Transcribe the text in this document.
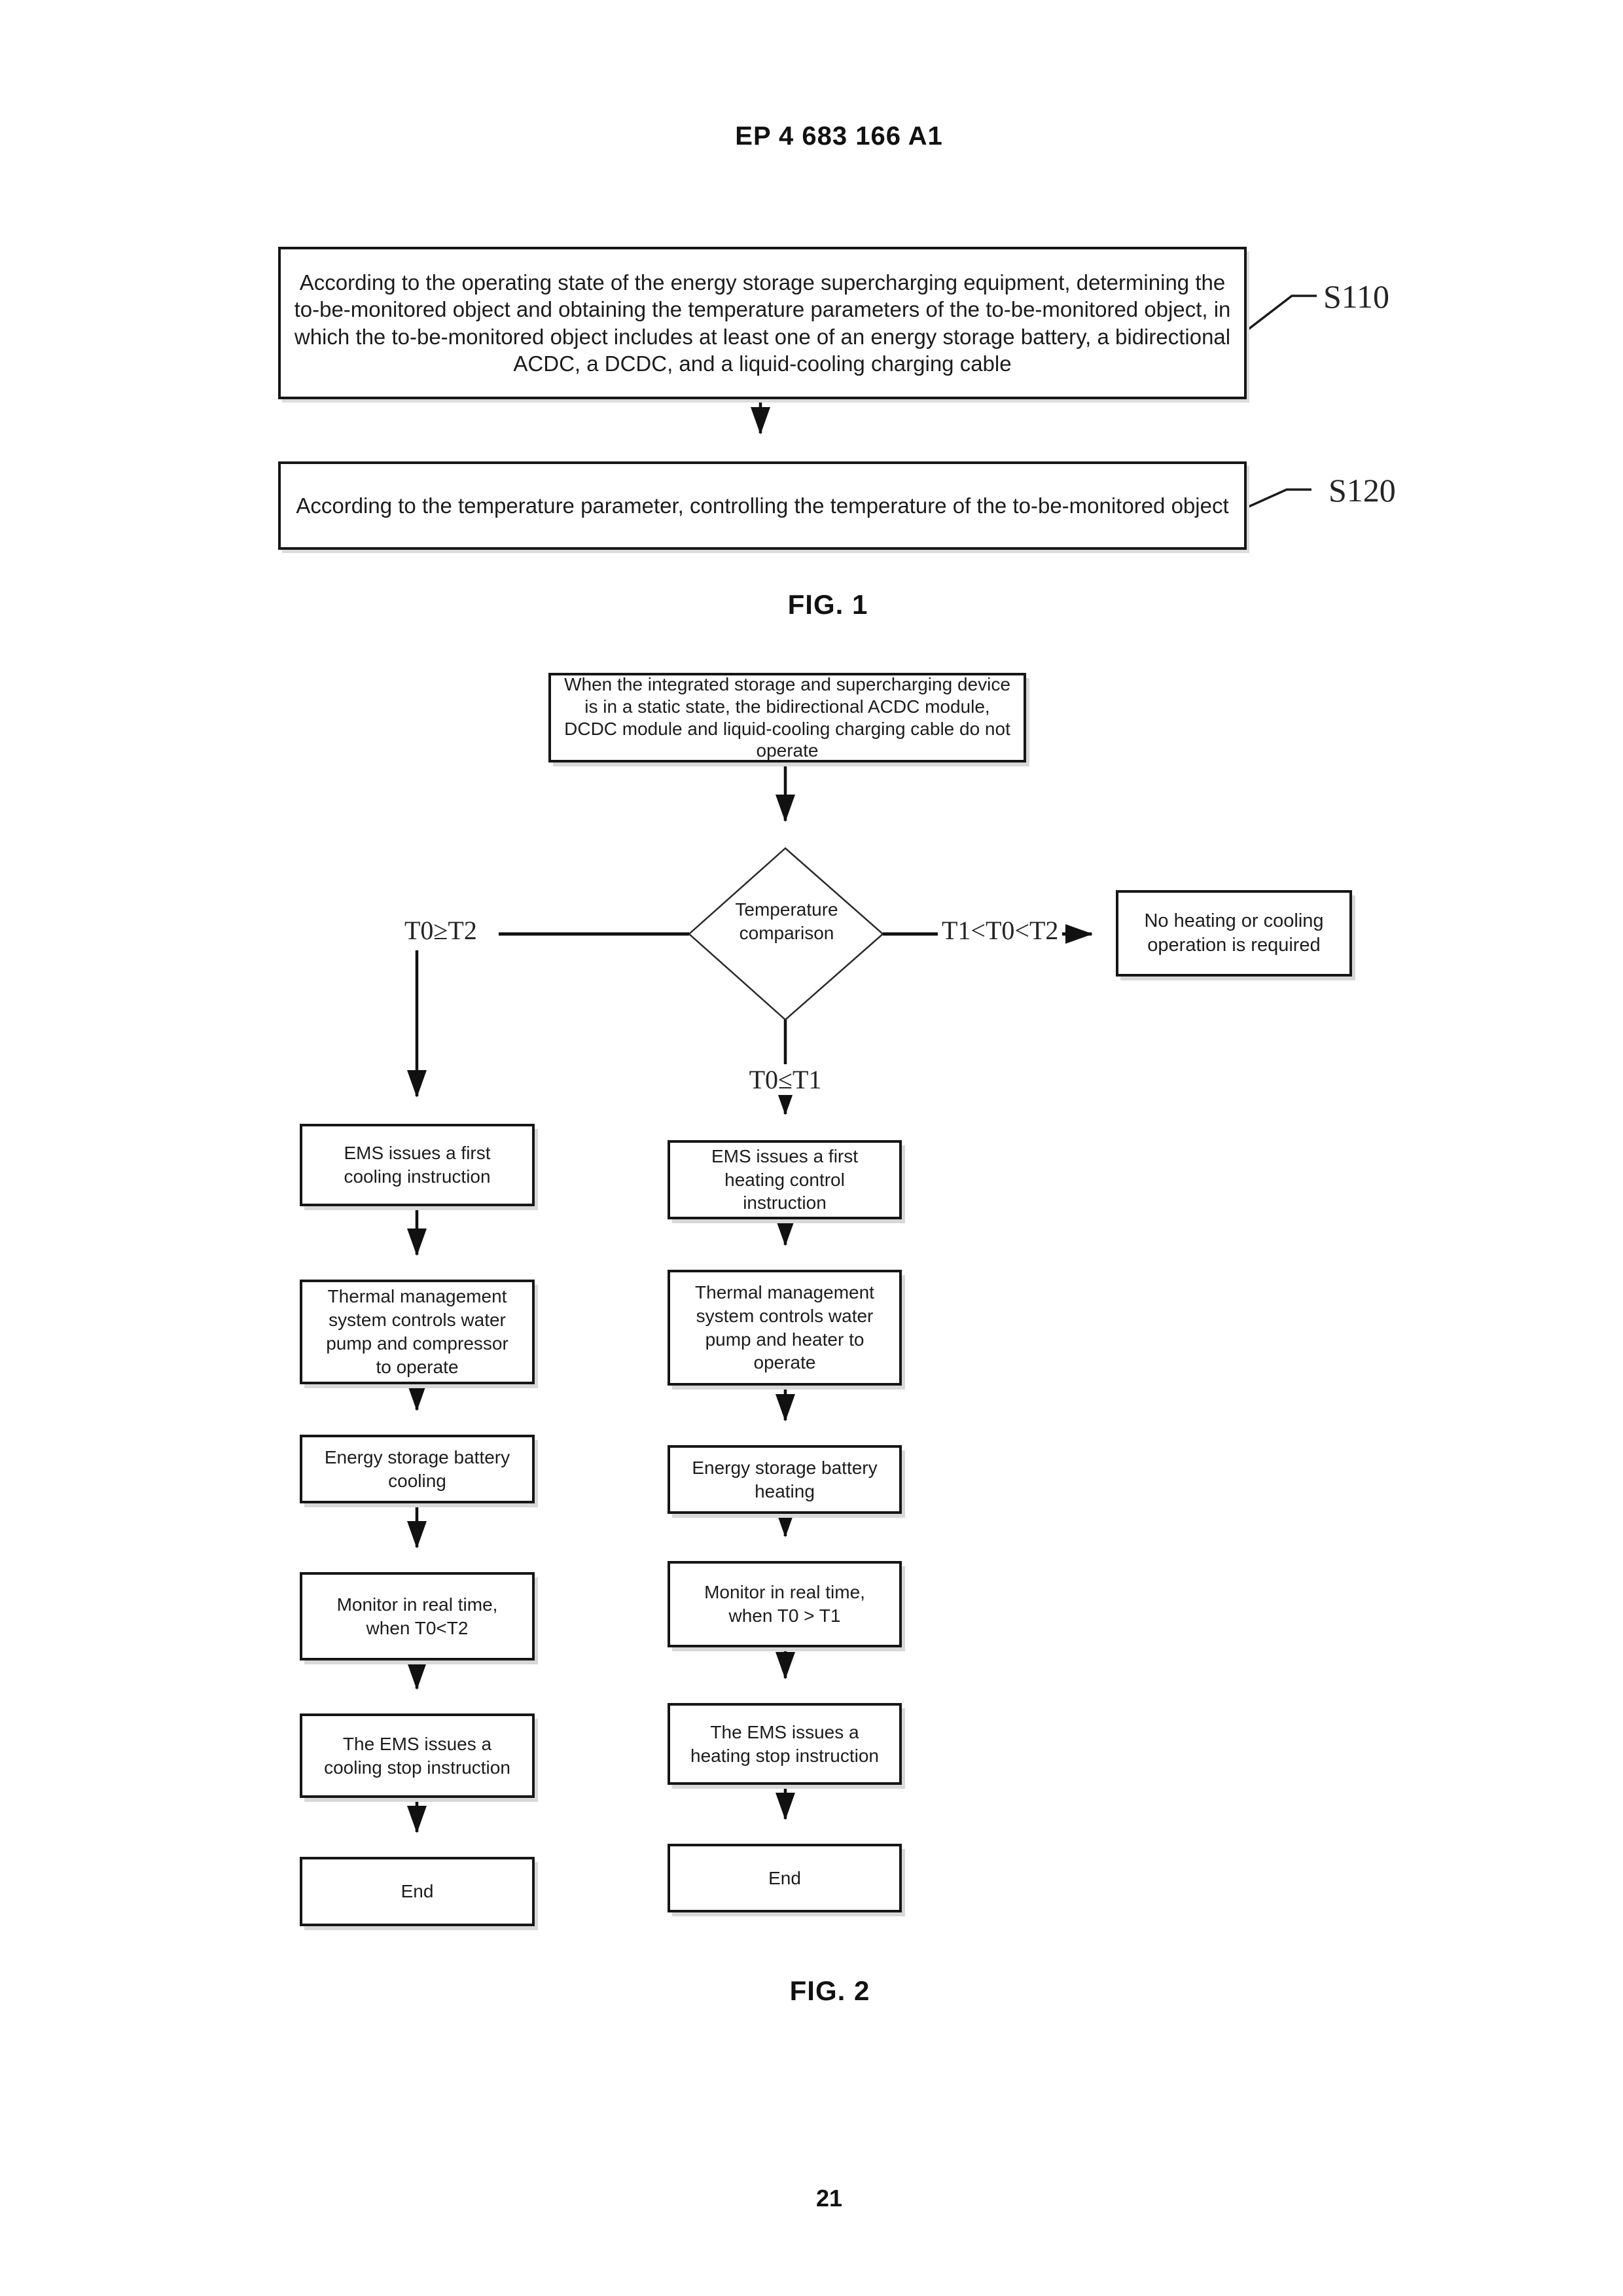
EP 4 683 166 A1
According to the operating state of the energy storage supercharging equipment, determining the to-be-monitored object and obtaining the temperature parameters of the to-be-monitored object, in which the to-be-monitored object includes at least one of an energy storage battery, a bidirectional ACDC, a DCDC, and a liquid-cooling charging cable
S110
According to the temperature parameter, controlling the temperature of the to-be-monitored object	S120
FIG. 1
When the integrated storage and supercharging device is in a static state, the bidirectional ACDC module, DCDC module and liquid-cooling charging cable do not operate
Temperature comparison
T0≥T2	T1<T0<T2
T0≤T1
No heating or cooling operation is required
EMS issues a first cooling instruction
Thermal management system controls water pump and compressor to operate
Energy storage battery cooling
Monitor in real time, when T0<T2
The EMS issues a cooling stop instruction
End
EMS issues a first heating control instruction
Thermal management system controls water pump and heater to operate
Energy storage battery heating
Monitor in real time, when T0 > T1
The EMS issues a heating stop instruction
End
FIG. 2
21
